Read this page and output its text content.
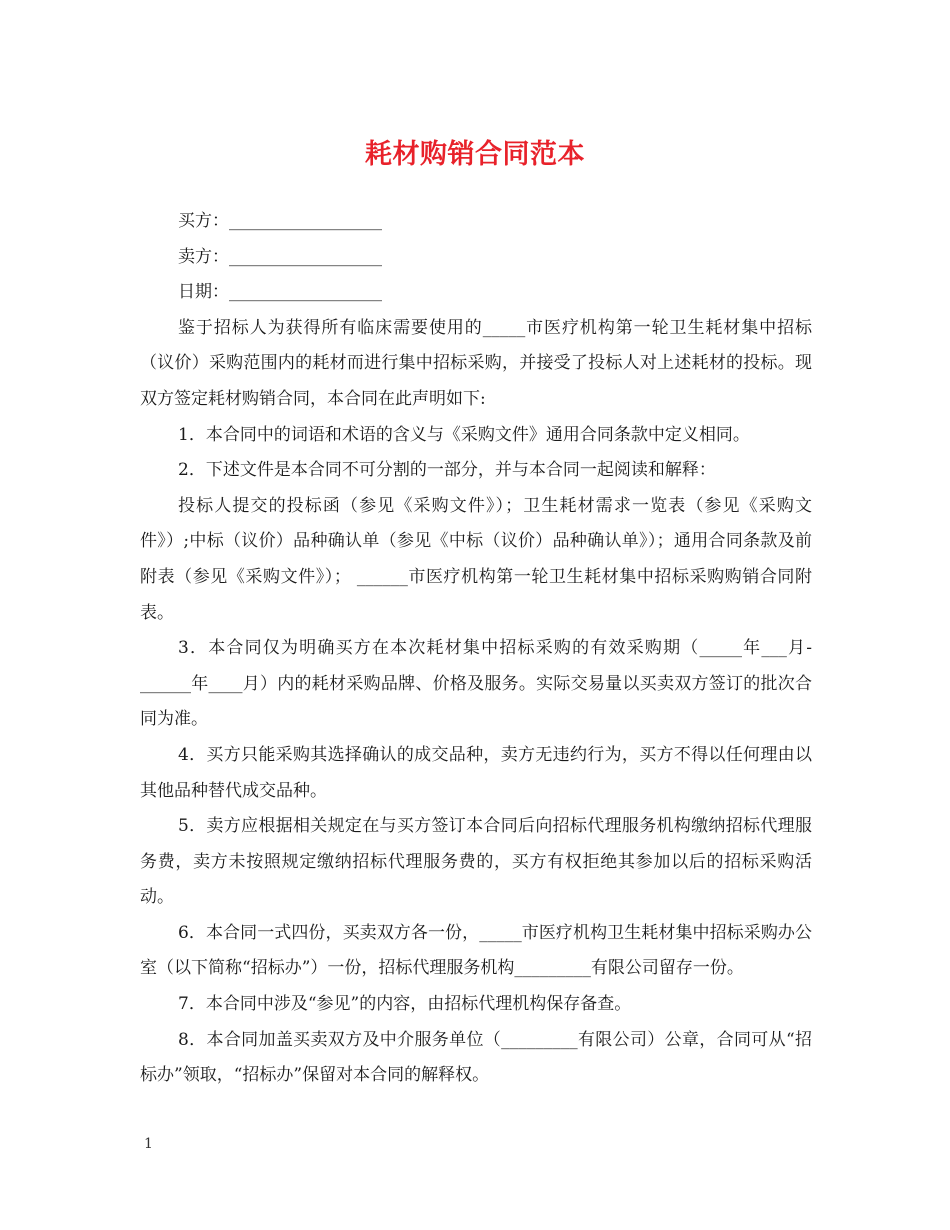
耗材购销合同范本
买方：__________________
卖方：__________________
日期：__________________

鉴于招标人为获得所有临床需要使用的_____市医疗机构第一轮卫生耗材集中招标（议价）采购范围内的耗材而进行集中招标采购，并接受了投标人对上述耗材的投标。现双方签定耗材购销合同，本合同在此声明如下:

1．本合同中的词语和术语的含义与《采购文件》通用合同条款中定义相同。

2．下述文件是本合同不可分割的一部分，并与本合同一起阅读和解释：

投标人提交的投标函（参见《采购文件》）；卫生耗材需求一览表（参见《采购文件》）;中标（议价）品种确认单（参见《中标（议价）品种确认单》）；通用合同条款及前附表（参见《采购文件》）； ______市医疗机构第一轮卫生耗材集中招标采购购销合同附表。

3．本合同仅为明确买方在本次耗材集中招标采购的有效采购期（_____年___月-______年____月）内的耗材采购品牌、价格及服务。实际交易量以买卖双方签订的批次合同为准。

4．买方只能采购其选择确认的成交品种，卖方无违约行为，买方不得以任何理由以其他品种替代成交品种。

5．卖方应根据相关规定在与买方签订本合同后向招标代理服务机构缴纳招标代理服务费，卖方未按照规定缴纳招标代理服务费的，买方有权拒绝其参加以后的招标采购活动。

6．本合同一式四份，买卖双方各一份，_____市医疗机构卫生耗材集中招标采购办公室（以下简称“招标办”）一份，招标代理服务机构_________有限公司留存一份。

7．本合同中涉及“参见”的内容，由招标代理机构保存备查。

8．本合同加盖买卖双方及中介服务单位（_________有限公司）公章，合同可从“招标办”领取，“招标办”保留对本合同的解释权。

1
